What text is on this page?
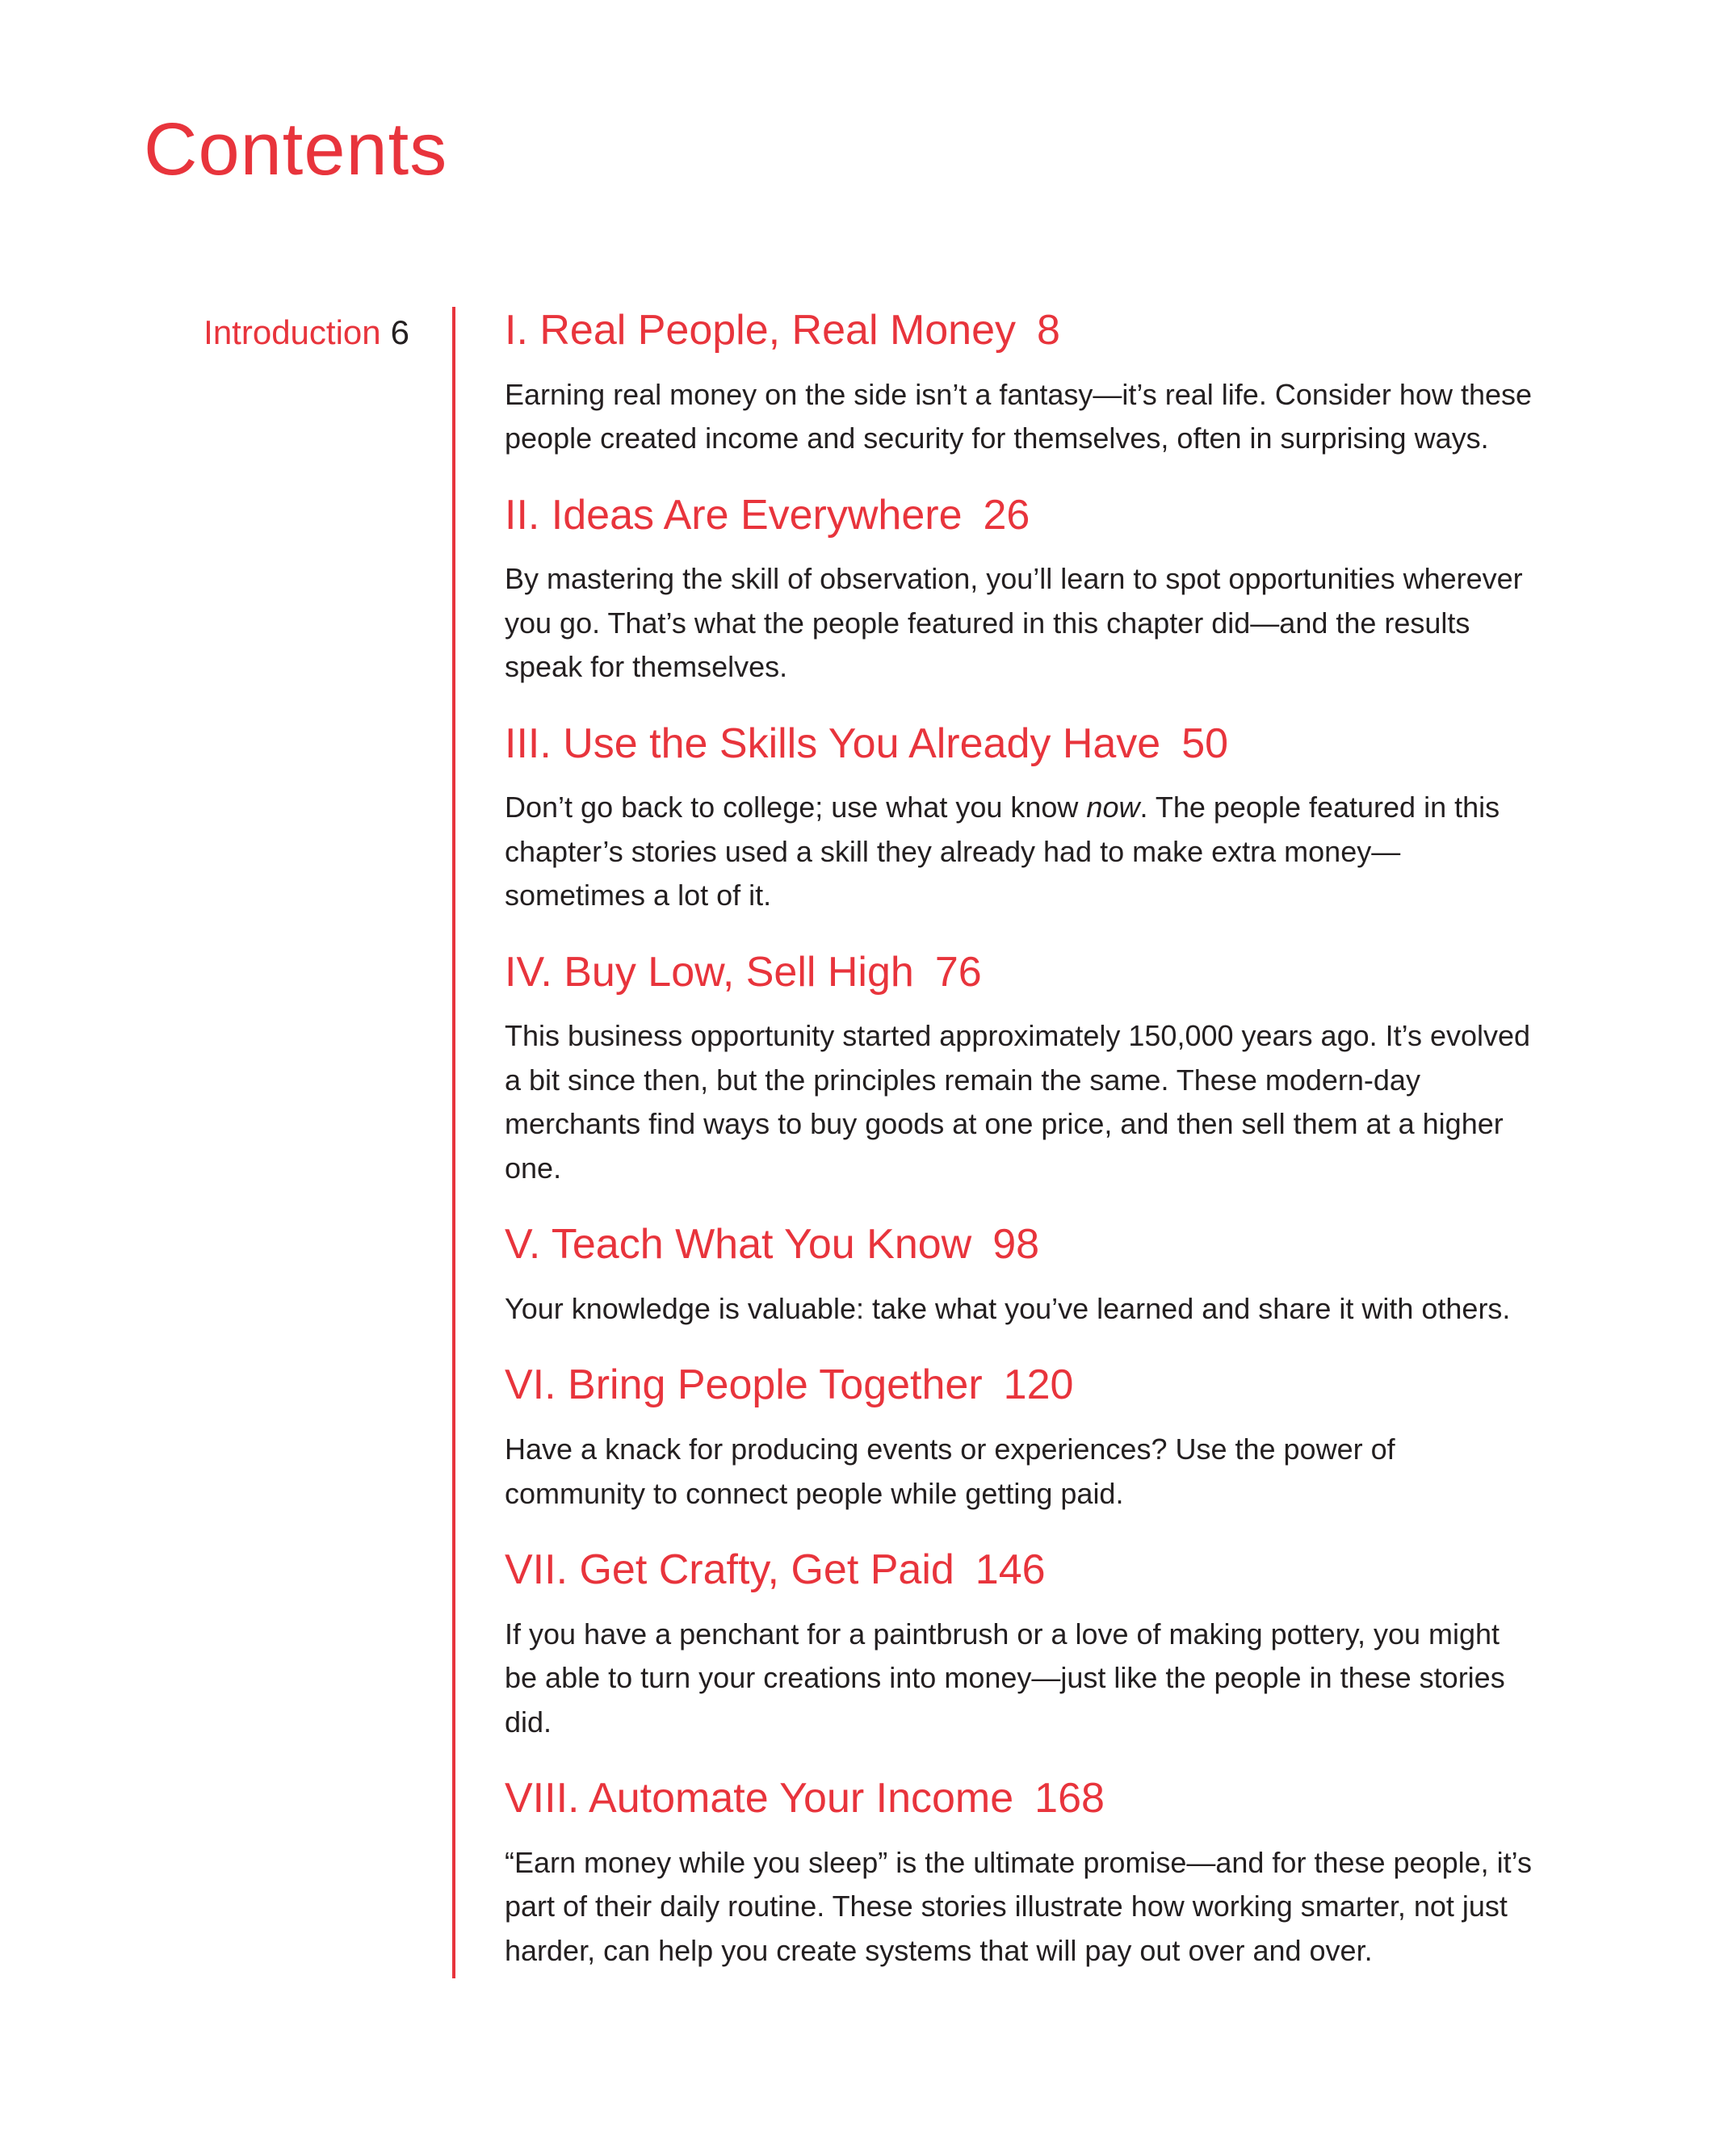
Contents
Introduction 6 I. Real People, Real Money 8

Earning real money on the side isn’t a fantasy—it’s real life. Consider how these people created income and security for themselves, often in surprising ways.

II. Ideas Are Everywhere 26

By mastering the skill of observation, you’ll learn to spot opportunities wherever you go. That’s what the people featured in this chapter did—and the results speak for themselves.

III. Use the Skills You Already Have 50

Don’t go back to college; use what you know now. The people featured in this chapter’s stories used a skill they already had to make extra money—sometimes a lot of it.

IV. Buy Low, Sell High 76

This business opportunity started approximately 150,000 years ago. It’s evolved a bit since then, but the principles remain the same. These modern-day merchants find ways to buy goods at one price, and then sell them at a higher one.

V. Teach What You Know 98

Your knowledge is valuable: take what you’ve learned and share it with others.

VI. Bring People Together 120

Have a knack for producing events or experiences? Use the power of community to connect people while getting paid.

VII. Get Crafty, Get Paid 146

If you have a penchant for a paintbrush or a love of making pottery, you might be able to turn your creations into money—just like the people in these stories did.

VIII. Automate Your Income 168

“Earn money while you sleep” is the ultimate promise—and for these people, it’s part of their daily routine. These stories illustrate how working smarter, not just harder, can help you create systems that will pay out over and over.
